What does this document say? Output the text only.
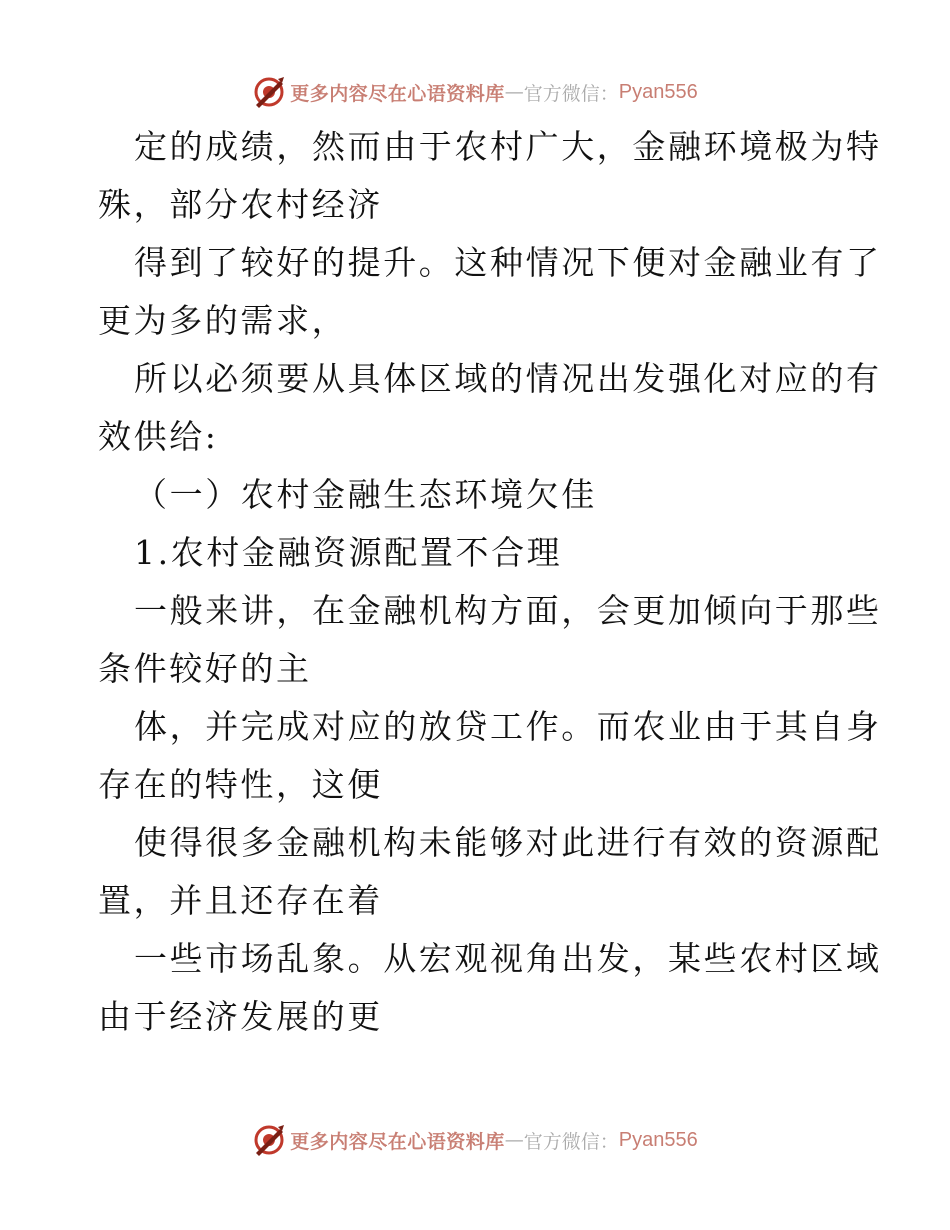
更多内容尽在心语资料库 — 官方微信： Pyan556
定的成绩，然而由于农村广大，金融环境极为特
殊，部分农村经济
得到了较好的提升。这种情况下便对金融业有了
更为多的需求，
所以必须要从具体区域的情况出发强化对应的有
效供给:
（一）农村金融生态环境欠佳
1.农村金融资源配置不合理
一般来讲，在金融机构方面，会更加倾向于那些
条件较好的主
体，并完成对应的放贷工作。而农业由于其自身
存在的特性，这便
使得很多金融机构未能够对此进行有效的资源配
置，并且还存在着
一些市场乱象。从宏观视角出发，某些农村区域
由于经济发展的更
更多内容尽在心语资料库 — 官方微信： Pyan556
